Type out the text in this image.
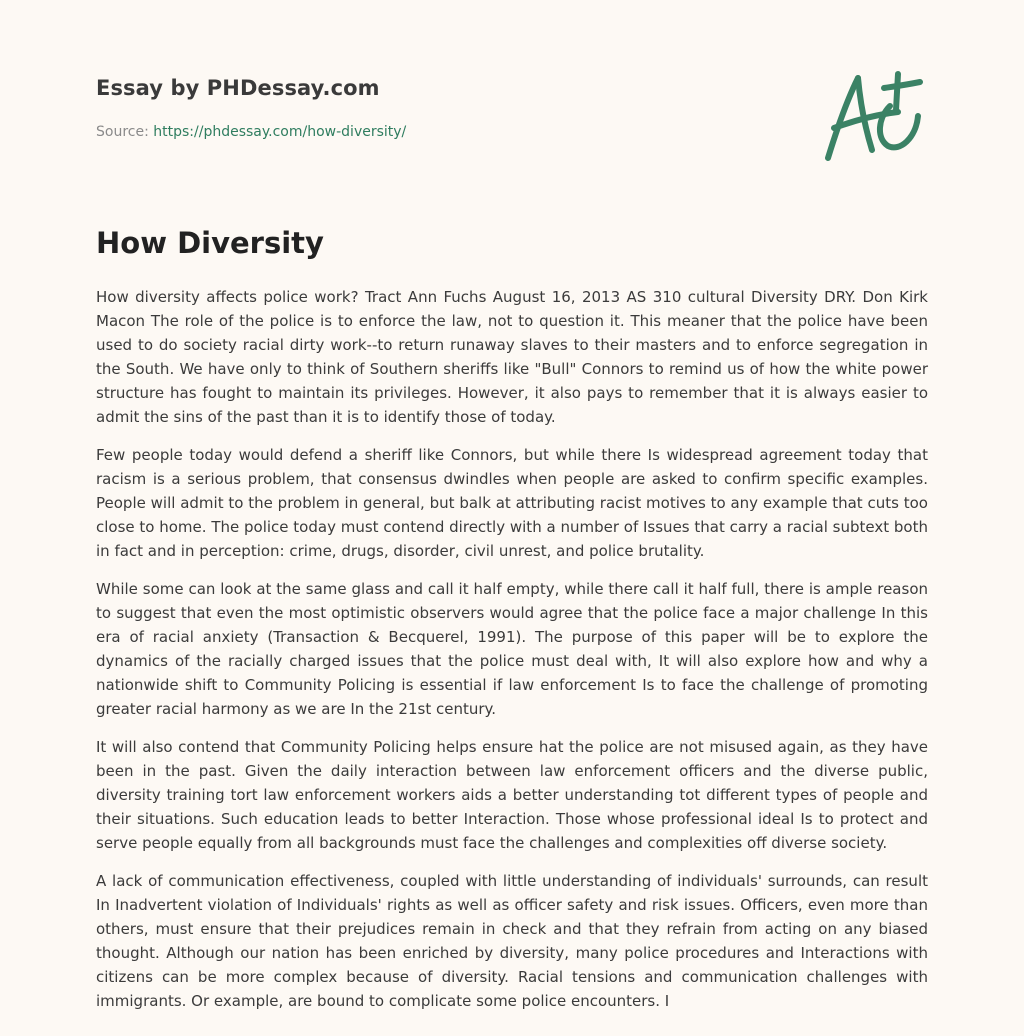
Essay by PHDessay.com
Source: https://phdessay.com/how-diversity/
How Diversity

How diversity affects police work? Tract Ann Fuchs August 16, 2013 AS 310 cultural Diversity DRY. Don Kirk Macon The role of the police is to enforce the law, not to question it. This meaner that the police have been used to do society racial dirty work--to return runaway slaves to their masters and to enforce segregation in the South. We have only to think of Southern sheriffs like "Bull" Connors to remind us of how the white power structure has fought to maintain its privileges. However, it also pays to remember that it is always easier to admit the sins of the past than it is to identify those of today.

Few people today would defend a sheriff like Connors, but while there Is widespread agreement today that racism is a serious problem, that consensus dwindles when people are asked to confirm specific examples. People will admit to the problem in general, but balk at attributing racist motives to any example that cuts too close to home. The police today must contend directly with a number of Issues that carry a racial subtext both in fact and in perception: crime, drugs, disorder, civil unrest, and police brutality.

While some can look at the same glass and call it half empty, while there call it half full, there is ample reason to suggest that even the most optimistic observers would agree that the police face a major challenge In this era of racial anxiety (Transaction & Becquerel, 1991). The purpose of this paper will be to explore the dynamics of the racially charged issues that the police must deal with, It will also explore how and why a nationwide shift to Community Policing is essential if law enforcement Is to face the challenge of promoting greater racial harmony as we are In the 21st century.

It will also contend that Community Policing helps ensure hat the police are not misused again, as they have been in the past. Given the daily interaction between law enforcement officers and the diverse public, diversity training tort law enforcement workers aids a better understanding tot different types of people and their situations. Such education leads to better Interaction. Those whose professional ideal Is to protect and serve people equally from all backgrounds must face the challenges and complexities off diverse society.

A lack of communication effectiveness, coupled with little understanding of individuals' surrounds, can result In Inadvertent violation of Individuals' rights as well as officer safety and risk issues. Officers, even more than others, must ensure that their prejudices remain in check and that they refrain from acting on any biased thought. Although our nation has been enriched by diversity, many police procedures and Interactions with citizens can be more complex because of diversity. Racial tensions and communication challenges with immigrants. Or example, are bound to complicate some police encounters. I
